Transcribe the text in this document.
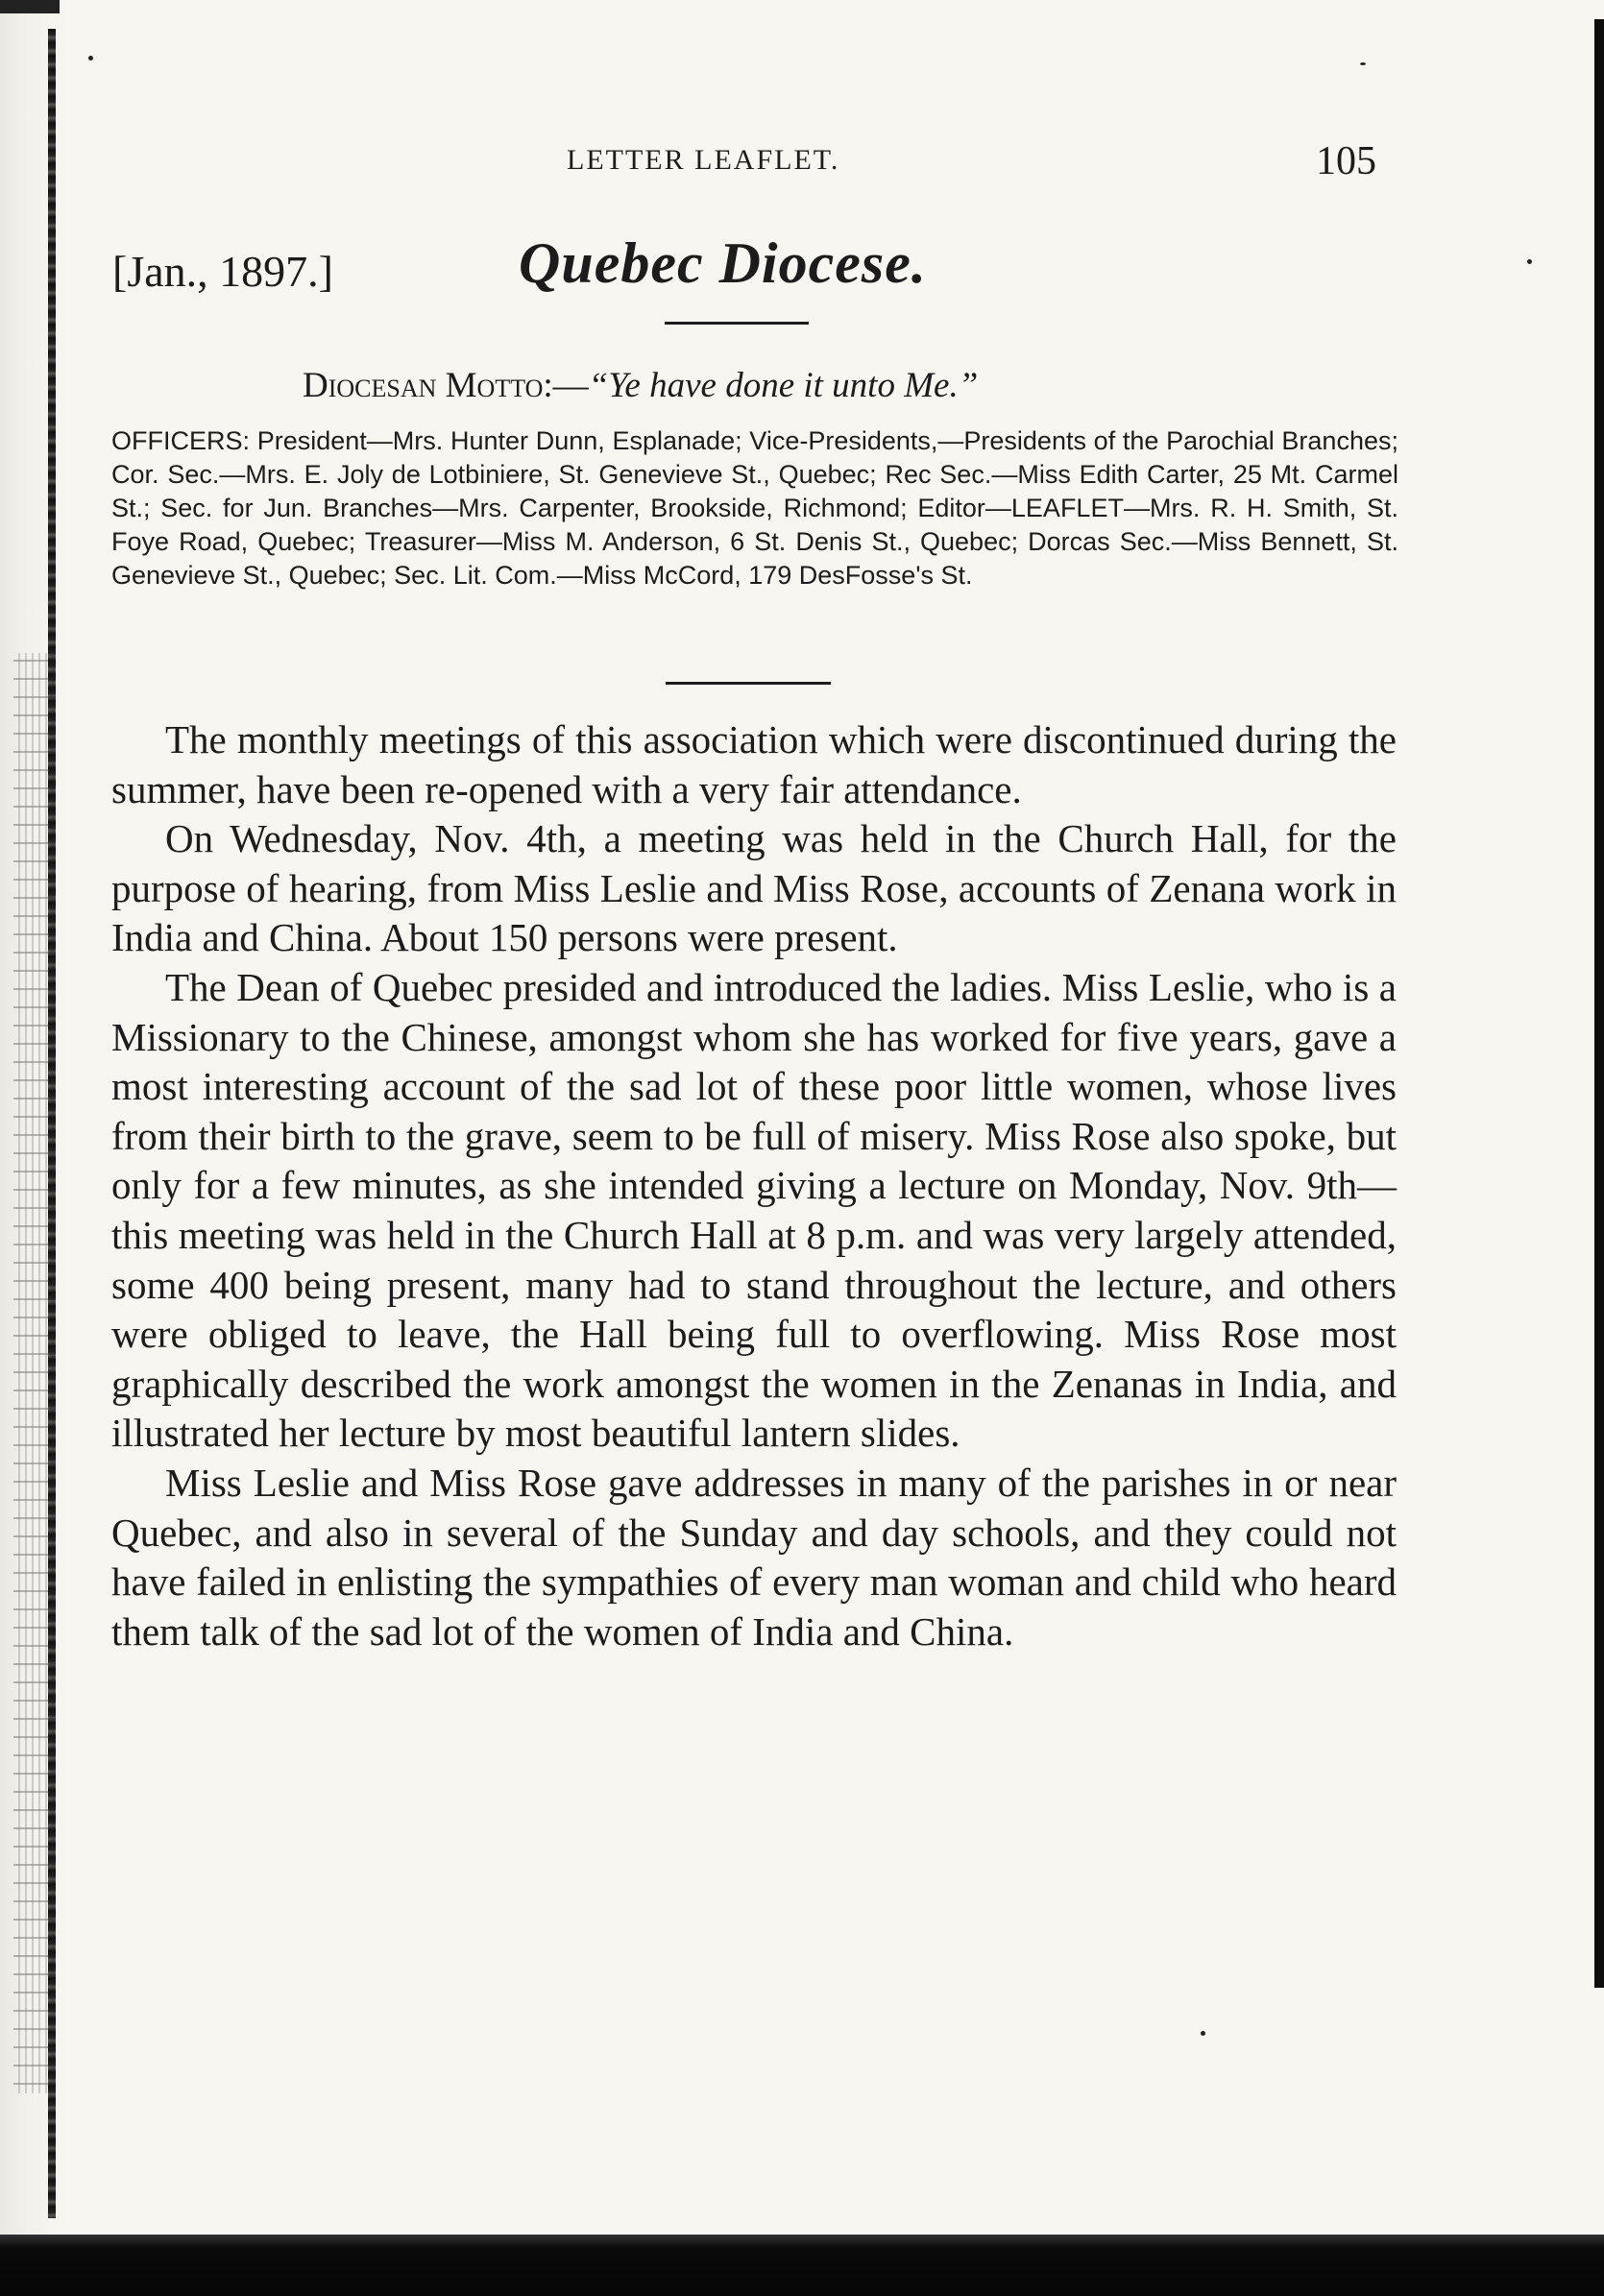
LETTER LEAFLET.	105
[Jan., 1897.]	Quebec Diocese.
Diocesan Motto:—“Ye have done it unto Me.”

OFFICERS: President—Mrs. Hunter Dunn, Esplanade; Vice-Presidents,—Presidents of the Parochial Branches; Cor. Sec.—Mrs. E. Joly de Lotbiniere, St. Genevieve St., Quebec; Rec Sec.—Miss Edith Carter, 25 Mt. Carmel St.; Sec. for Jun. Branches—Mrs. Carpenter, Brookside, Richmond; Editor—LEAFLET—Mrs. R. H. Smith, St. Foye Road, Quebec; Treasurer—Miss M. Anderson, 6 St. Denis St., Quebec; Dorcas Sec.—Miss Bennett, St. Genevieve St., Quebec; Sec. Lit. Com.—Miss McCord, 179 DesFosse's St.

The monthly meetings of this association which were discontinued during the summer, have been re-opened with a very fair attendance.

On Wednesday, Nov. 4th, a meeting was held in the Church Hall, for the purpose of hearing, from Miss Leslie and Miss Rose, accounts of Zenana work in India and China. About 150 persons were present.

The Dean of Quebec presided and introduced the ladies. Miss Leslie, who is a Missionary to the Chinese, amongst whom she has worked for five years, gave a most interesting account of the sad lot of these poor little women, whose lives from their birth to the grave, seem to be full of misery. Miss Rose also spoke, but only for a few minutes, as she intended giving a lecture on Monday, Nov. 9th—this meeting was held in the Church Hall at 8 p.m. and was very largely attended, some 400 being present, many had to stand throughout the lecture, and others were obliged to leave, the Hall being full to overflowing. Miss Rose most graphically described the work amongst the women in the Zenanas in India, and illustrated her lecture by most beautiful lantern slides.

Miss Leslie and Miss Rose gave addresses in many of the parishes in or near Quebec, and also in several of the Sunday and day schools, and they could not have failed in enlisting the sympathies of every man woman and child who heard them talk of the sad lot of the women of India and China.
